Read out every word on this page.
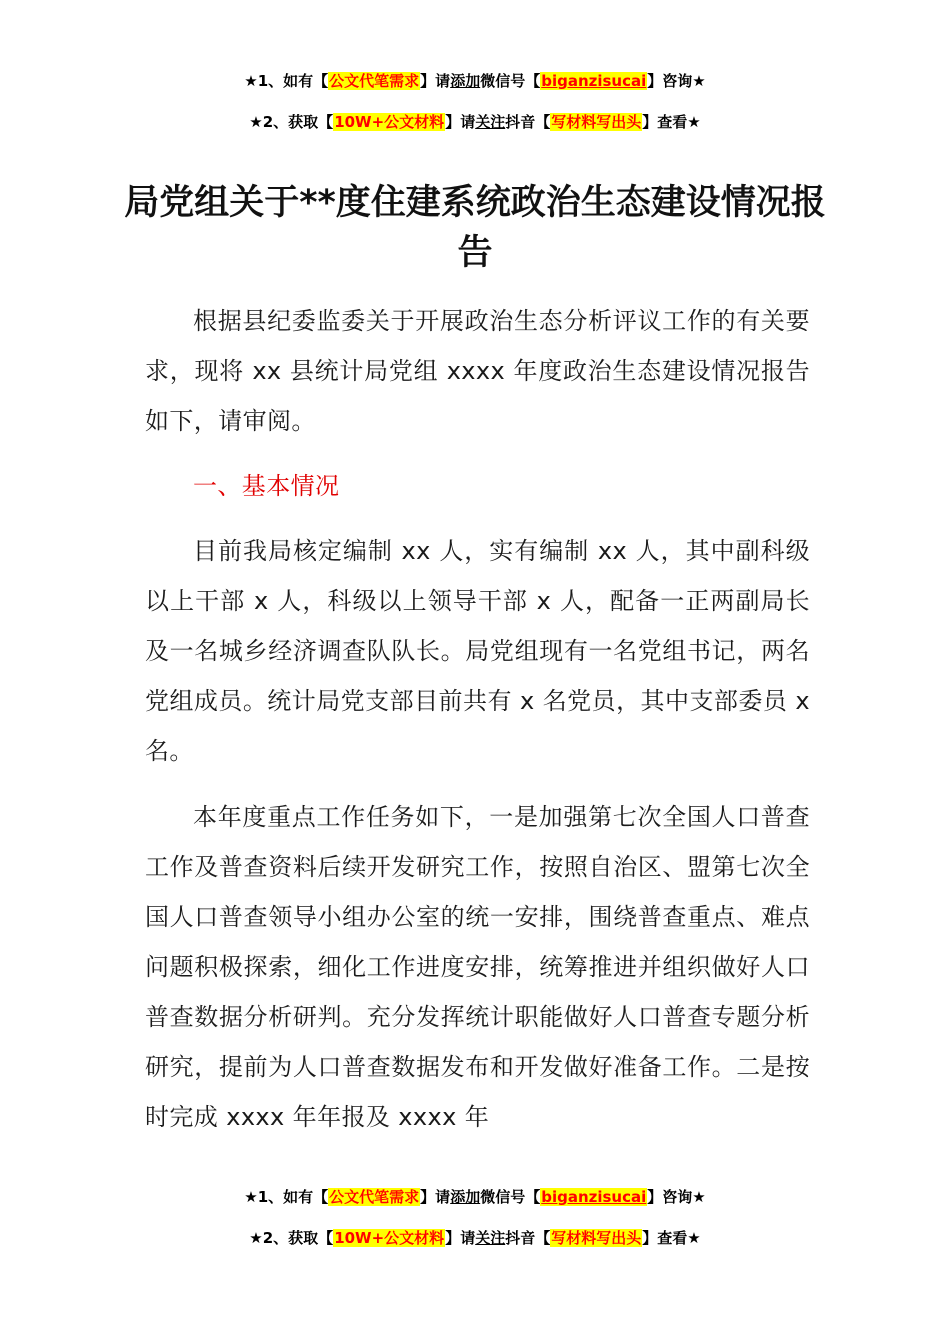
★1、如有【公文代笔需求】请添加微信号【biganzisucai】咨询★
★2、获取【10W+公文材料】请关注抖音【写材料写出头】查看★
局党组关于**度住建系统政治生态建设情况报告

根据县纪委监委关于开展政治生态分析评议工作的有关要求，现将 xx 县统计局党组 xxxx 年度政治生态建设情况报告如下，请审阅。

一、基本情况

目前我局核定编制 xx 人，实有编制 xx 人，其中副科级以上干部 x 人，科级以上领导干部 x 人，配备一正两副局长及一名城乡经济调查队队长。局党组现有一名党组书记，两名党组成员。统计局党支部目前共有 x 名党员，其中支部委员 x 名。

本年度重点工作任务如下，一是加强第七次全国人口普查工作及普查资料后续开发研究工作，按照自治区、盟第七次全国人口普查领导小组办公室的统一安排，围绕普查重点、难点问题积极探索，细化工作进度安排，统筹推进并组织做好人口普查数据分析研判。充分发挥统计职能做好人口普查专题分析研究，提前为人口普查数据发布和开发做好准备工作。二是按时完成 xxxx 年年报及 xxxx 年

★1、如有【公文代笔需求】请添加微信号【biganzisucai】咨询★
★2、获取【10W+公文材料】请关注抖音【写材料写出头】查看★
